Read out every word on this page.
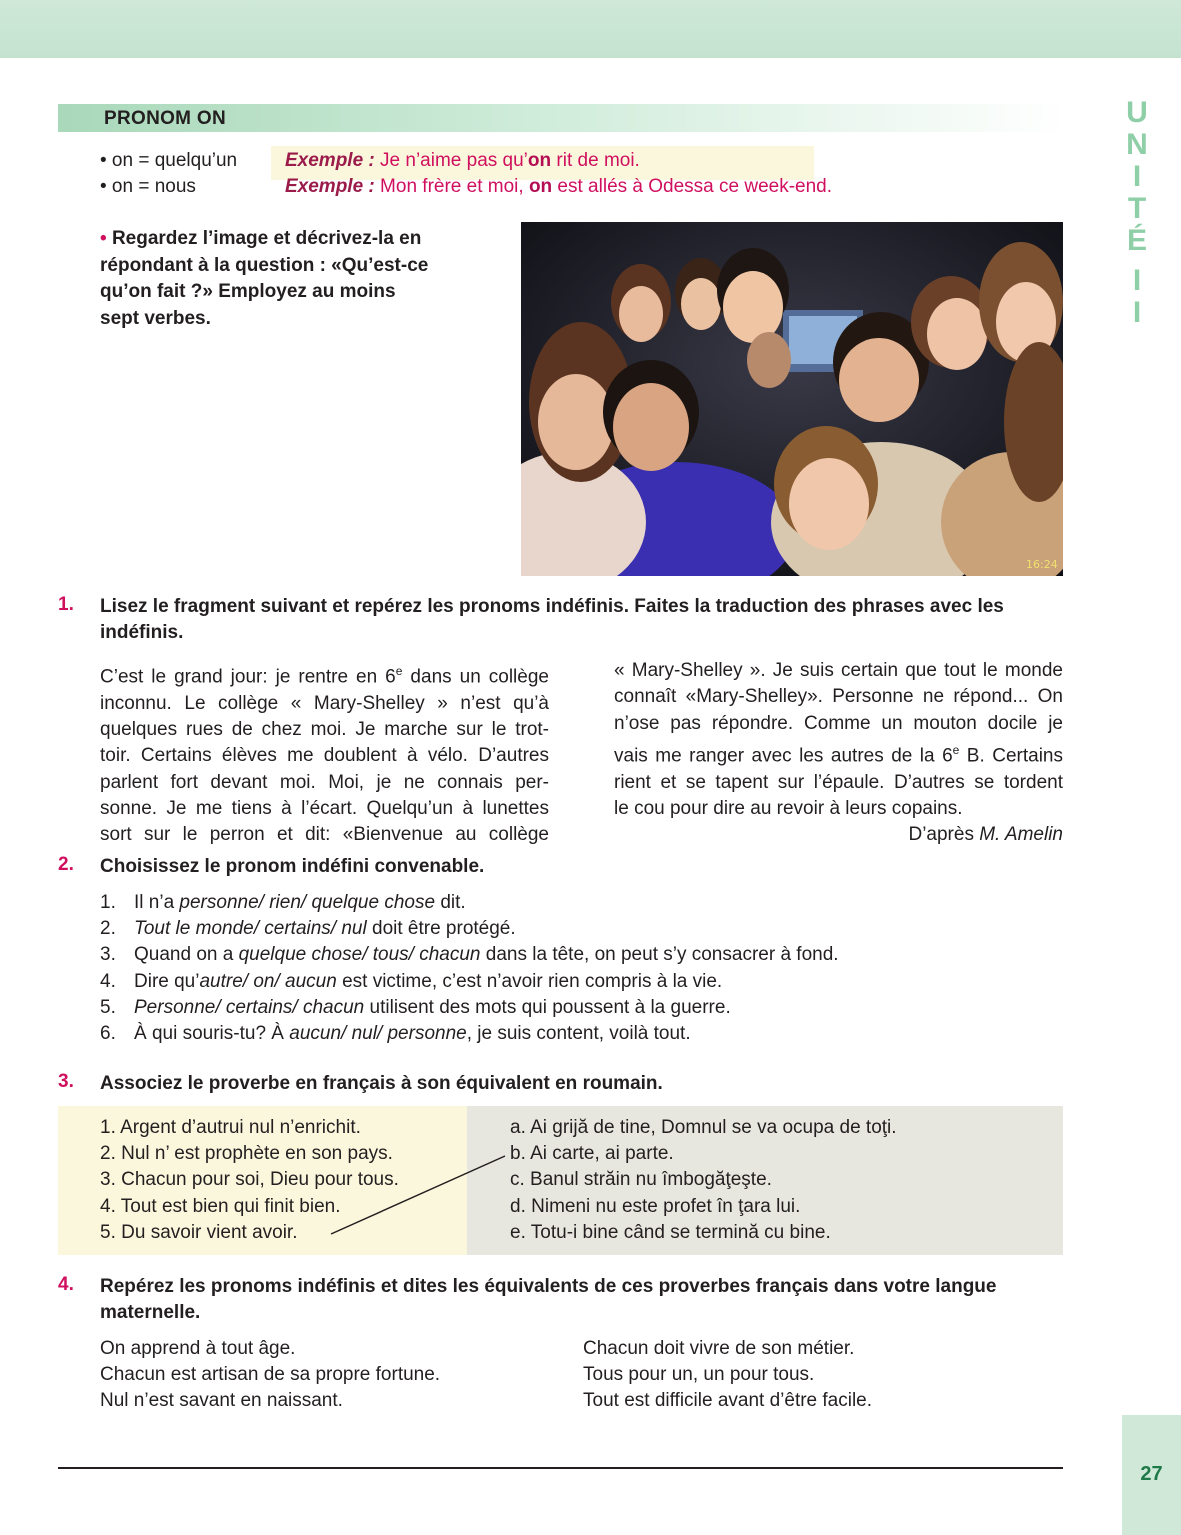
PRONOM ON
• on = quelqu’un
• on = nous
Exemple : Je n’aime pas qu’on rit de moi.
Exemple : Mon frère et moi, on est allés à Odessa ce week-end.
• Regardez l’image et décrivez-la en
répondant à la question : «Qu’est-ce
qu’on fait ?» Employez au moins
sept verbes.
16:24
1. Lisez le fragment suivant et repérez les pronoms indéfinis. Faites la traduction des phrases avec les
indéfinis.
C’est le grand jour: je rentre en 6e dans un collège
inconnu. Le collège « Mary-Shelley » n’est qu’à
quelques rues de chez moi. Je marche sur le trot-
toir. Certains élèves me doublent à vélo. D’autres
parlent fort devant moi. Moi, je ne connais per-
sonne. Je me tiens à l’écart. Quelqu’un à lunettes
sort sur le perron et dit: «Bienvenue au collège
« Mary-Shelley ». Je suis certain que tout le monde
connaît «Mary-Shelley». Personne ne répond... On
n’ose pas répondre. Comme un mouton docile je
vais me ranger avec les autres de la 6e B. Certains
rient et se tapent sur l’épaule. D’autres se tordent
le cou pour dire au revoir à leurs copains.
D’après M. Amelin
2. Choisissez le pronom indéfini convenable.
1. Il n’a personne/ rien/ quelque chose dit.
2. Tout le monde/ certains/ nul doit être protégé.
3. Quand on a quelque chose/ tous/ chacun dans la tête, on peut s’y consacrer à fond.
4. Dire qu’autre/ on/ aucun est victime, c’est n’avoir rien compris à la vie.
5. Personne/ certains/ chacun utilisent des mots qui poussent à la guerre.
6. À qui souris-tu? À aucun/ nul/ personne, je suis content, voilà tout.
3. Associez le proverbe en français à son équivalent en roumain.
1. Argent d’autrui nul n’enrichit.
2. Nul n’ est prophète en son pays.
3. Chacun pour soi, Dieu pour tous.
4. Tout est bien qui finit bien.
5. Du savoir vient avoir.
a. Ai grijă de tine, Domnul se va ocupa de toţi.
b. Ai carte, ai parte.
c. Banul străin nu îmbogăţeşte.
d. Nimeni nu este profet în ţara lui.
e. Totu-i bine când se termină cu bine.
4. Repérez les pronoms indéfinis et dites les équivalents de ces proverbes français dans votre langue
maternelle.
On apprend à tout âge.
Chacun est artisan de sa propre fortune.
Nul n’est savant en naissant.
Chacun doit vivre de son métier.
Tous pour un, un pour tous.
Tout est difficile avant d’être facile.
U
N
I
T
É
I
I
27
